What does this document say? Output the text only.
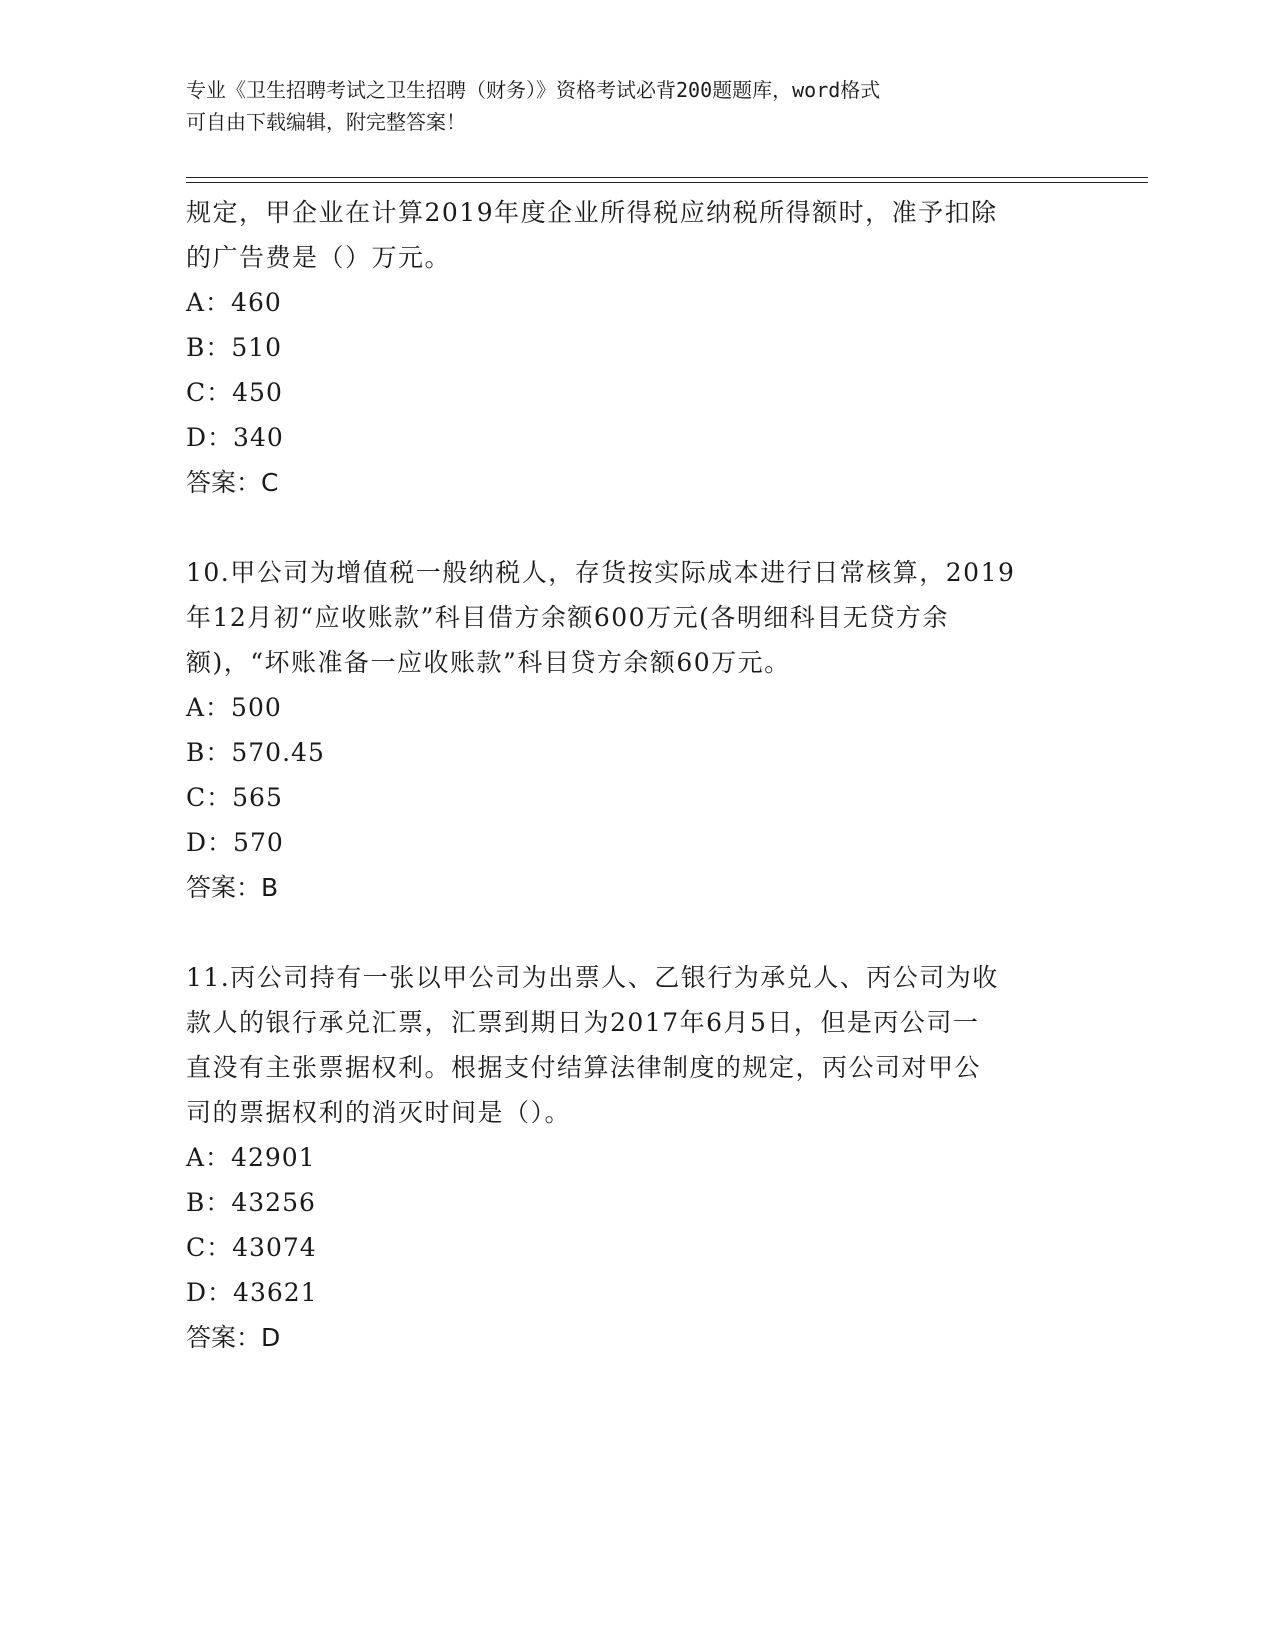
专业《卫生招聘考试之卫生招聘（财务）》资格考试必背200题题库，word格式
可自由下载编辑，附完整答案！

规定，甲企业在计算2019年度企业所得税应纳税所得额时，准予扣除

的广告费是（）万元。

A：460

B：510

C：450

D：340

答案：C

10.甲公司为增值税一般纳税人，存货按实际成本进行日常核算，2019

年12月初“应收账款”科目借方余额600万元(各明细科目无贷方余

额)，“坏账准备一应收账款”科目贷方余额60万元。

A：500

B：570.45

C：565

D：570

答案：B

11.丙公司持有一张以甲公司为出票人、乙银行为承兑人、丙公司为收

款人的银行承兑汇票，汇票到期日为2017年6月5日，但是丙公司一

直没有主张票据权利。根据支付结算法律制度的规定，丙公司对甲公

司的票据权利的消灭时间是（）。

A：42901

B：43256

C：43074

D：43621

答案：D
